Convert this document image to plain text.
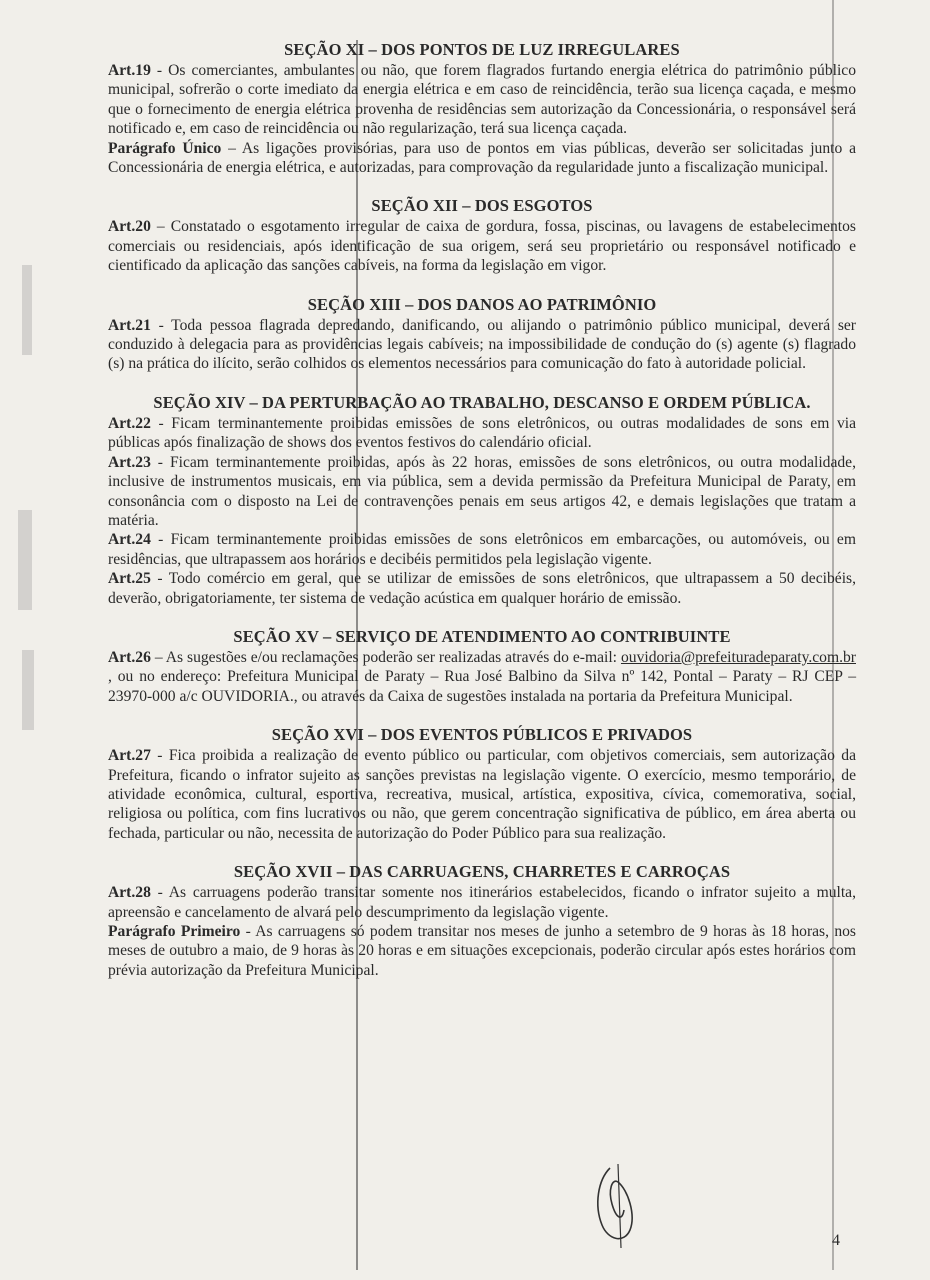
SEÇÃO XI – DOS PONTOS DE LUZ IRREGULARES

Art.19 - Os comerciantes, ambulantes ou não, que forem flagrados furtando energia elétrica do patrimônio público municipal, sofrerão o corte imediato da energia elétrica e em caso de reincidência, terão sua licença caçada, e mesmo que o fornecimento de energia elétrica provenha de residências sem autorização da Concessionária, o responsável será notificado e, em caso de reincidência ou não regularização, terá sua licença caçada.

Parágrafo Único – As ligações provisórias, para uso de pontos em vias públicas, deverão ser solicitadas junto a Concessionária de energia elétrica, e autorizadas, para comprovação da regularidade junto a fiscalização municipal.

SEÇÃO XII – DOS ESGOTOS

Art.20 – Constatado o esgotamento irregular de caixa de gordura, fossa, piscinas, ou lavagens de estabelecimentos comerciais ou residenciais, após identificação de sua origem, será seu proprietário ou responsável notificado e cientificado da aplicação das sanções cabíveis, na forma da legislação em vigor.

SEÇÃO XIII – DOS DANOS AO PATRIMÔNIO

Art.21 - Toda pessoa flagrada depredando, danificando, ou alijando o patrimônio público municipal, deverá ser conduzido à delegacia para as providências legais cabíveis; na impossibilidade de condução do (s) agente (s) flagrado (s) na prática do ilícito, serão colhidos os elementos necessários para comunicação do fato à autoridade policial.

SEÇÃO XIV – DA PERTURBAÇÃO AO TRABALHO, DESCANSO E ORDEM PÚBLICA.

Art.22 - Ficam terminantemente proibidas emissões de sons eletrônicos, ou outras modalidades de sons em via públicas após finalização de shows dos eventos festivos do calendário oficial.

Art.23 - Ficam terminantemente proibidas, após às 22 horas, emissões de sons eletrônicos, ou outra modalidade, inclusive de instrumentos musicais, em via pública, sem a devida permissão da Prefeitura Municipal de Paraty, em consonância com o disposto na Lei de contravenções penais em seus artigos 42, e demais legislações que tratam a matéria.

Art.24 - Ficam terminantemente proibidas emissões de sons eletrônicos em embarcações, ou automóveis, ou em residências, que ultrapassem aos horários e decibéis permitidos pela legislação vigente.

Art.25 - Todo comércio em geral, que se utilizar de emissões de sons eletrônicos, que ultrapassem a 50 decibéis, deverão, obrigatoriamente, ter sistema de vedação acústica em qualquer horário de emissão.

SEÇÃO XV – SERVIÇO DE ATENDIMENTO AO CONTRIBUINTE

Art.26 – As sugestões e/ou reclamações poderão ser realizadas através do e-mail: ouvidoria@prefeituradeparaty.com.br , ou no endereço: Prefeitura Municipal de Paraty – Rua José Balbino da Silva nº 142, Pontal – Paraty – RJ CEP – 23970-000 a/c OUVIDORIA., ou através da Caixa de sugestões instalada na portaria da Prefeitura Municipal.

SEÇÃO XVI – DOS EVENTOS PÚBLICOS E PRIVADOS

Art.27 - Fica proibida a realização de evento público ou particular, com objetivos comerciais, sem autorização da Prefeitura, ficando o infrator sujeito as sanções previstas na legislação vigente. O exercício, mesmo temporário, de atividade econômica, cultural, esportiva, recreativa, musical, artística, expositiva, cívica, comemorativa, social, religiosa ou política, com fins lucrativos ou não, que gerem concentração significativa de público, em área aberta ou fechada, particular ou não, necessita de autorização do Poder Público para sua realização.

SEÇÃO XVII – DAS CARRUAGENS, CHARRETES E CARROÇAS

Art.28 - As carruagens poderão transitar somente nos itinerários estabelecidos, ficando o infrator sujeito a multa, apreensão e cancelamento de alvará pelo descumprimento da legislação vigente.

Parágrafo Primeiro - As carruagens só podem transitar nos meses de junho a setembro de 9 horas às 18 horas, nos meses de outubro a maio, de 9 horas às 20 horas e em situações excepcionais, poderão circular após estes horários com prévia autorização da Prefeitura Municipal.

4
